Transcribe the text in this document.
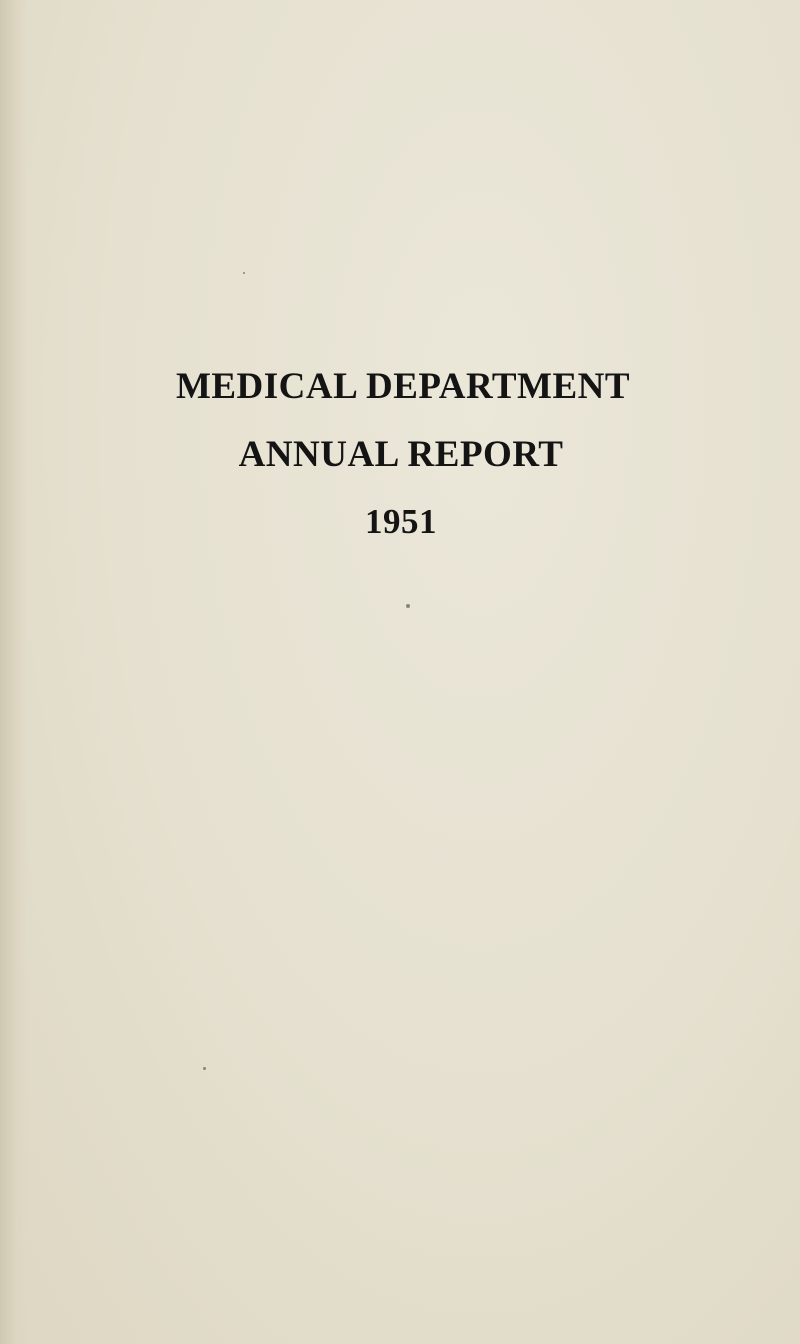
MEDICAL DEPARTMENT
ANNUAL REPORT
1951
